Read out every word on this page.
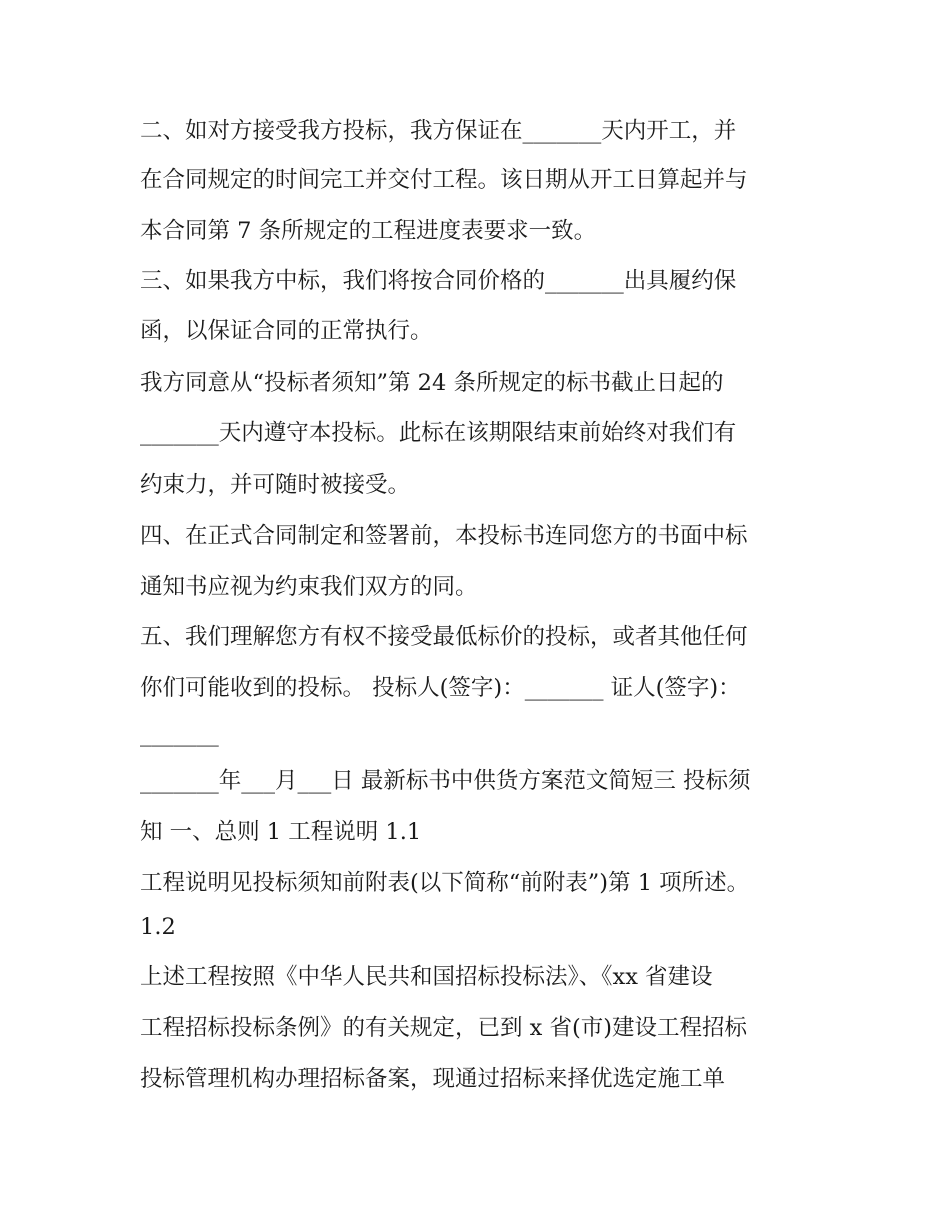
二、如对方接受我方投标，我方保证在_______天内开工，并
在合同规定的时间完工并交付工程。该日期从开工日算起并与
本合同第 7 条所规定的工程进度表要求一致。
三、如果我方中标，我们将按合同价格的_______出具履约保
函，以保证合同的正常执行。
我方同意从“投标者须知”第 24 条所规定的标书截止日起的
_______天内遵守本投标。此标在该期限结束前始终对我们有
约束力，并可随时被接受。
四、在正式合同制定和签署前，本投标书连同您方的书面中标
通知书应视为约束我们双方的同。
五、我们理解您方有权不接受最低标价的投标，或者其他任何
你们可能收到的投标。 投标人(签字)：_______ 证人(签字)：
_______
_______年___月___日 最新标书中供货方案范文简短三 投标须
知 一、总则 1 工程说明 1.1
工程说明见投标须知前附表(以下简称“前附表”)第 1 项所述。
1.2
上述工程按照《中华人民共和国招标投标法》、《xx 省建设
工程招标投标条例》的有关规定，已到 x 省(市)建设工程招标
投标管理机构办理招标备案，现通过招标来择优选定施工单
